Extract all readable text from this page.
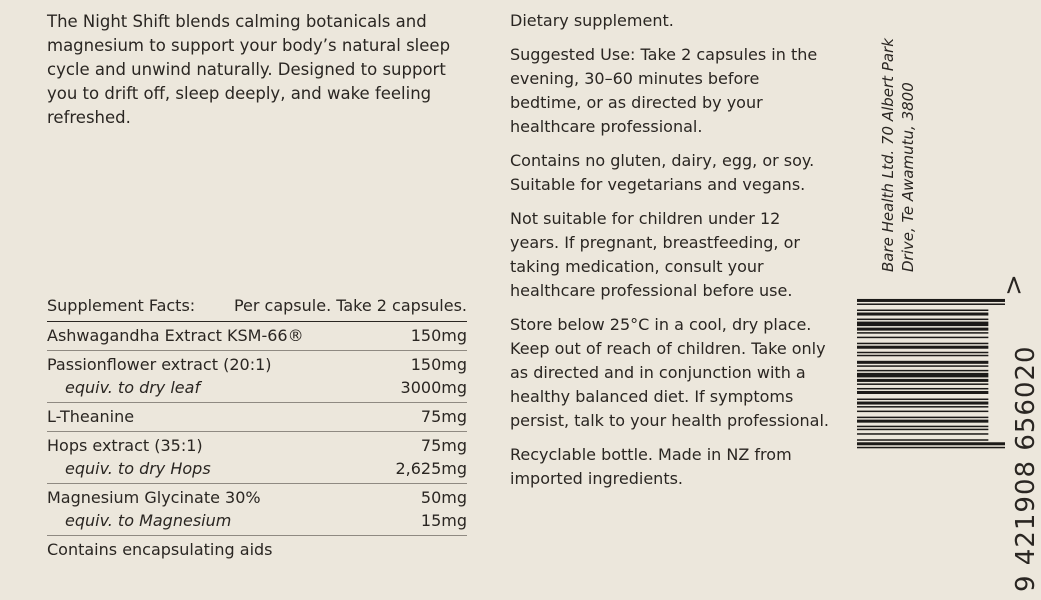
The Night Shift blends calming botanicals and magnesium to support your body’s natural sleep cycle and unwind naturally. Designed to support you to drift off, sleep deeply, and wake feeling refreshed.

Supplement Facts: Per capsule. Take 2 capsules.
Ashwagandha Extract KSM-66®	150mg
Passionflower extract (20:1)	150mg
equiv. to dry leaf	3000mg
L-Theanine	75mg
Hops extract (35:1)	75mg
equiv. to dry Hops	2,625mg
Magnesium Glycinate 30%	50mg
equiv. to Magnesium	15mg
Contains encapsulating aids

Dietary supplement.

Suggested Use: Take 2 capsules in the evening, 30–60 minutes before bedtime, or as directed by your healthcare professional.

Contains no gluten, dairy, egg, or soy. Suitable for vegetarians and vegans.

Not suitable for children under 12 years. If pregnant, breastfeeding, or taking medication, consult your healthcare professional before use.

Store below 25°C in a cool, dry place. Keep out of reach of children. Take only as directed and in conjunction with a healthy balanced diet. If symptoms persist, talk to your health professional.

Recyclable bottle. Made in NZ from imported ingredients.

Bare Health Ltd. 70 Albert Park Drive, Te Awamutu, 3800
9 421908 656020
>
